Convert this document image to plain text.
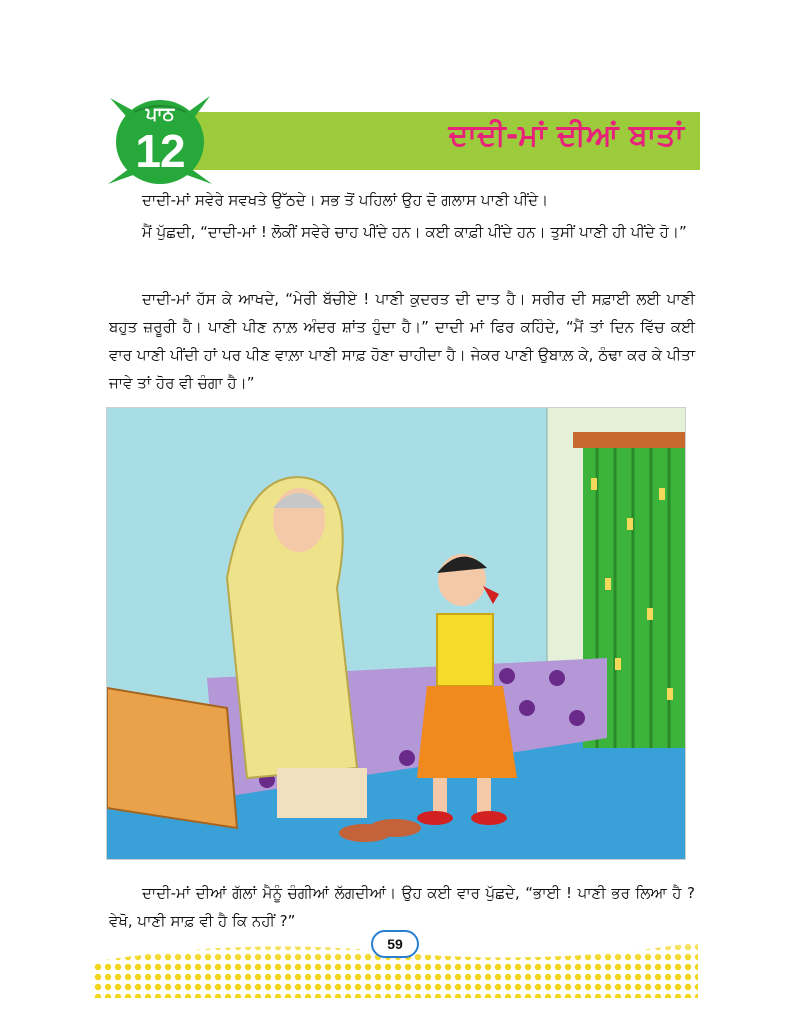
ਦਾਦੀ-ਮਾਂ ਦੀਆਂ ਬਾਤਾਂ
ਪਾਠ
12

ਦਾਦੀ-ਮਾਂ ਸਵੇਰੇ ਸਵਖਤੇ ਉੱਠਦੇ। ਸਭ ਤੋਂ ਪਹਿਲਾਂ ਉਹ ਦੋ ਗਲਾਸ ਪਾਣੀ ਪੀਂਦੇ।

ਮੈਂ ਪੁੱਛਦੀ, “ਦਾਦੀ-ਮਾਂ ! ਲੋਕੀਂ ਸਵੇਰੇ ਚਾਹ ਪੀਂਦੇ ਹਨ। ਕਈ ਕਾਫ਼ੀ ਪੀਂਦੇ ਹਨ। ਤੁਸੀਂ ਪਾਣੀ ਹੀ ਪੀਂਦੇ ਹੋ।”

ਦਾਦੀ-ਮਾਂ ਹੱਸ ਕੇ ਆਖਦੇ, “ਮੇਰੀ ਬੱਚੀਏ ! ਪਾਣੀ ਕੁਦਰਤ ਦੀ ਦਾਤ ਹੈ। ਸਰੀਰ ਦੀ ਸਫ਼ਾਈ ਲਈ ਪਾਣੀ ਬਹੁਤ ਜ਼ਰੂਰੀ ਹੈ। ਪਾਣੀ ਪੀਣ ਨਾਲ਼ ਅੰਦਰ ਸ਼ਾਂਤ ਹੁੰਦਾ ਹੈ।” ਦਾਦੀ ਮਾਂ ਫਿਰ ਕਹਿੰਦੇ, “ਮੈਂ ਤਾਂ ਦਿਨ ਵਿੱਚ ਕਈ ਵਾਰ ਪਾਣੀ ਪੀਂਦੀ ਹਾਂ ਪਰ ਪੀਣ ਵਾਲ਼ਾ ਪਾਣੀ ਸਾਫ਼ ਹੋਣਾ ਚਾਹੀਦਾ ਹੈ। ਜੇਕਰ ਪਾਣੀ ਉਬਾਲ਼ ਕੇ, ਠੰਢਾ ਕਰ ਕੇ ਪੀਤਾ ਜਾਵੇ ਤਾਂ ਹੋਰ ਵੀ ਚੰਗਾ ਹੈ।”

ਦਾਦੀ-ਮਾਂ ਦੀਆਂ ਗੱਲਾਂ ਮੈਨੂੰ ਚੰਗੀਆਂ ਲੱਗਦੀਆਂ। ਉਹ ਕਈ ਵਾਰ ਪੁੱਛਦੇ, “ਭਾਈ ! ਪਾਣੀ ਭਰ ਲਿਆ ਹੈ ? ਵੇਖੋ, ਪਾਣੀ ਸਾਫ਼ ਵੀ ਹੈ ਕਿ ਨਹੀਂ ?”

59
